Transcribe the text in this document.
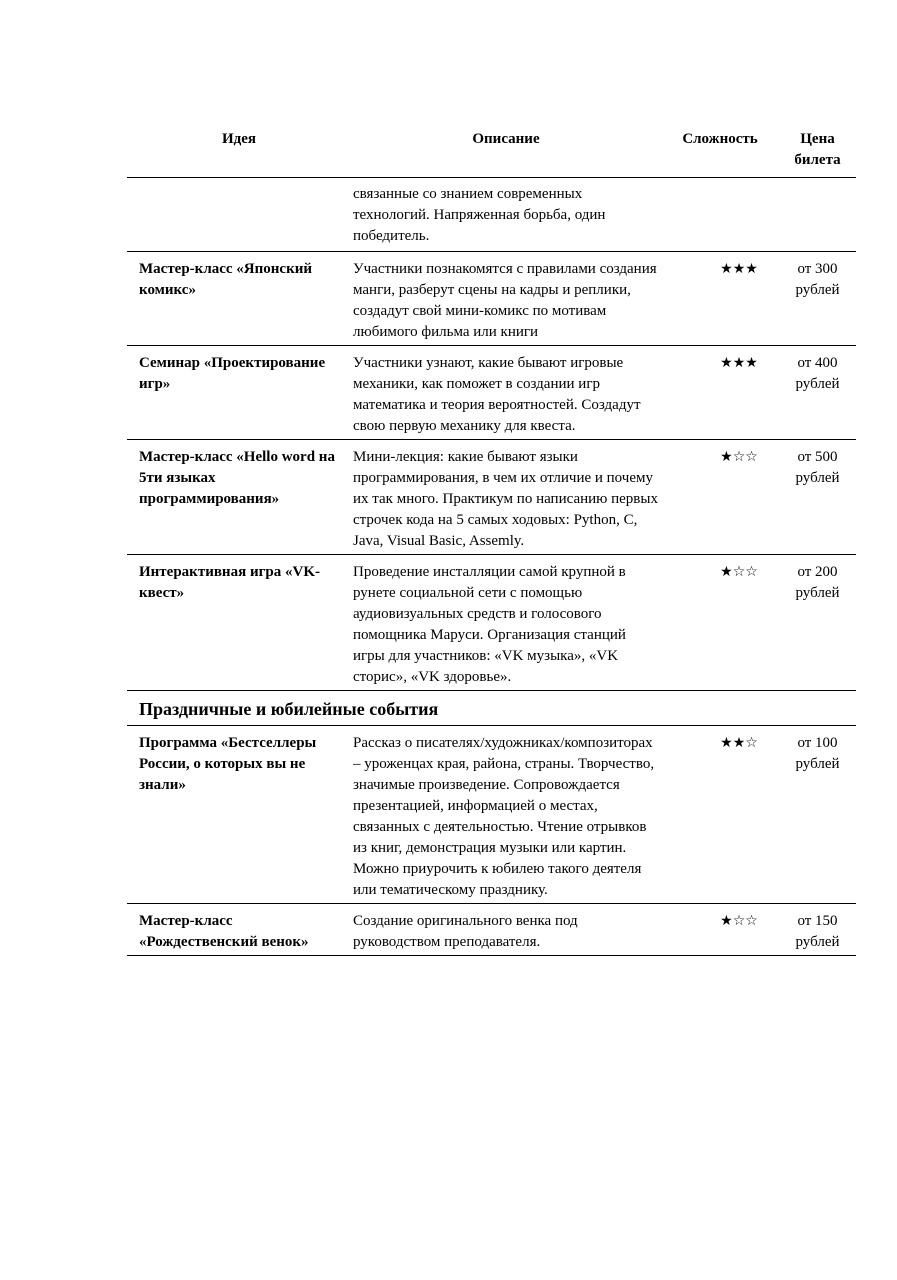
Идея	Описание	Сложность	Цена билета
	связанные со знанием современных технологий. Напряженная борьба, один победитель.		
Мастер-класс «Японский комикс»	Участники познакомятся с правилами создания манги, разберут сцены на кадры и реплики, создадут свой мини-комикс по мотивам любимого фильма или книги	★★★	от 300 рублей
Семинар «Проектирование игр»	Участники узнают, какие бывают игровые механики, как поможет в создании игр математика и теория вероятностей. Создадут свою первую механику для квеста.	★★★	от 400 рублей
Мастер-класс «Hello word на 5ти языках программирования»	Мини-лекция: какие бывают языки программирования, в чем их отличие и почему их так много. Практикум по написанию первых строчек кода на 5 самых ходовых: Python, C, Java, Visual Basic, Assemly.	★☆☆	от 500 рублей
Интерактивная игра «VK-квест»	Проведение инсталляции самой крупной в рунете социальной сети с помощью аудиовизуальных средств и голосового помощника Маруси. Организация станций игры для участников: «VK музыка», «VK сторис», «VK здоровье».	★☆☆	от 200 рублей
Праздничные и юбилейные события			
Программа «Бестселлеры России, о которых вы не знали»	Рассказ о писателях/художниках/композиторах – уроженцах края, района, страны. Творчество, значимые произведение. Сопровождается презентацией, информацией о местах, связанных с деятельностью. Чтение отрывков из книг, демонстрация музыки или картин. Можно приурочить к юбилею такого деятеля или тематическому празднику.	★★☆	от 100 рублей
Мастер-класс «Рождественский венок»	Создание оригинального венка под руководством преподавателя.	★☆☆	от 150 рублей
